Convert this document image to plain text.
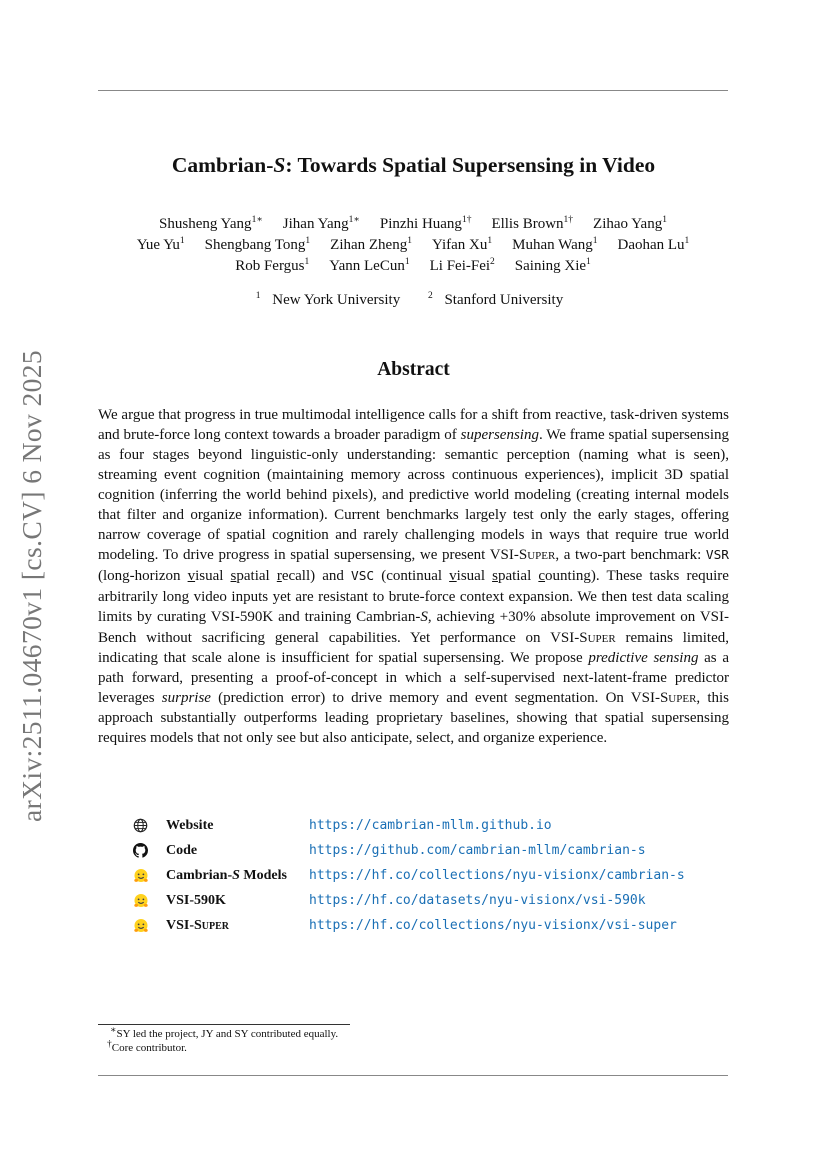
arXiv:2511.04670v1 [cs.CV] 6 Nov 2025
Cambrian-S: Towards Spatial Supersensing in Video
Shusheng Yang$^{1∗}$ Jihan Yang$^{1∗}$ Pinzhi Huang$^{1\dagger}$ Ellis Brown$^{1\dagger}$ Zihao Yang$^1$
Yue Yu$^1$ Shengbang Tong$^1$ Zihan Zheng$^1$ Yifan Xu$^1$ Muhan Wang$^1$ Daohan Lu$^1$
Rob Fergus$^1$ Yann LeCun$^1$ Li Fei-Fei$^2$ Saining Xie$^1$
$^1$ New York University	$^2$ Stanford University
Abstract

We argue that progress in true multimodal intelligence calls for a shift from reactive, task-driven systems and brute-force long context towards a broader paradigm of supersensing. We frame spatial supersensing as four stages beyond linguistic-only understanding: semantic perception (naming what is seen), streaming event cognition (maintaining memory across continuous experiences), implicit 3D spatial cognition (inferring the world behind pixels), and predictive world modeling (creating internal models that filter and organize information). Current benchmarks largely test only the early stages, offering narrow coverage of spatial cognition and rarely challenging models in ways that require true world modeling. To drive progress in spatial supersensing, we present VSI-Super, a two-part benchmark: VSR (long-horizon visual spatial recall) and VSC (continual visual spatial counting). These tasks require arbitrarily long video inputs yet are resistant to brute-force context expansion. We then test data scaling limits by curating VSI-590K and training Cambrian-S, achieving +30% absolute improvement on VSI-Bench without sacrificing general capabilities. Yet performance on VSI-Super remains limited, indicating that scale alone is insufficient for spatial supersensing. We propose predictive sensing as a path forward, presenting a proof-of-concept in which a self-supervised next-latent-frame predictor leverages surprise (prediction error) to drive memory and event segmentation. On VSI-Super, this approach substantially outperforms leading proprietary baselines, showing that spatial supersensing requires models that not only see but also anticipate, select, and organize experience.

Website	https://cambrian-mllm.github.io
Code	https://github.com/cambrian-mllm/cambrian-s
Cambrian-S Models	https://hf.co/collections/nyu-visionx/cambrian-s
VSI-590K	https://hf.co/datasets/nyu-visionx/vsi-590k
VSI-Super	https://hf.co/collections/nyu-visionx/vsi-super
∗SY led the project, JY and SY contributed equally.
†Core contributor.
